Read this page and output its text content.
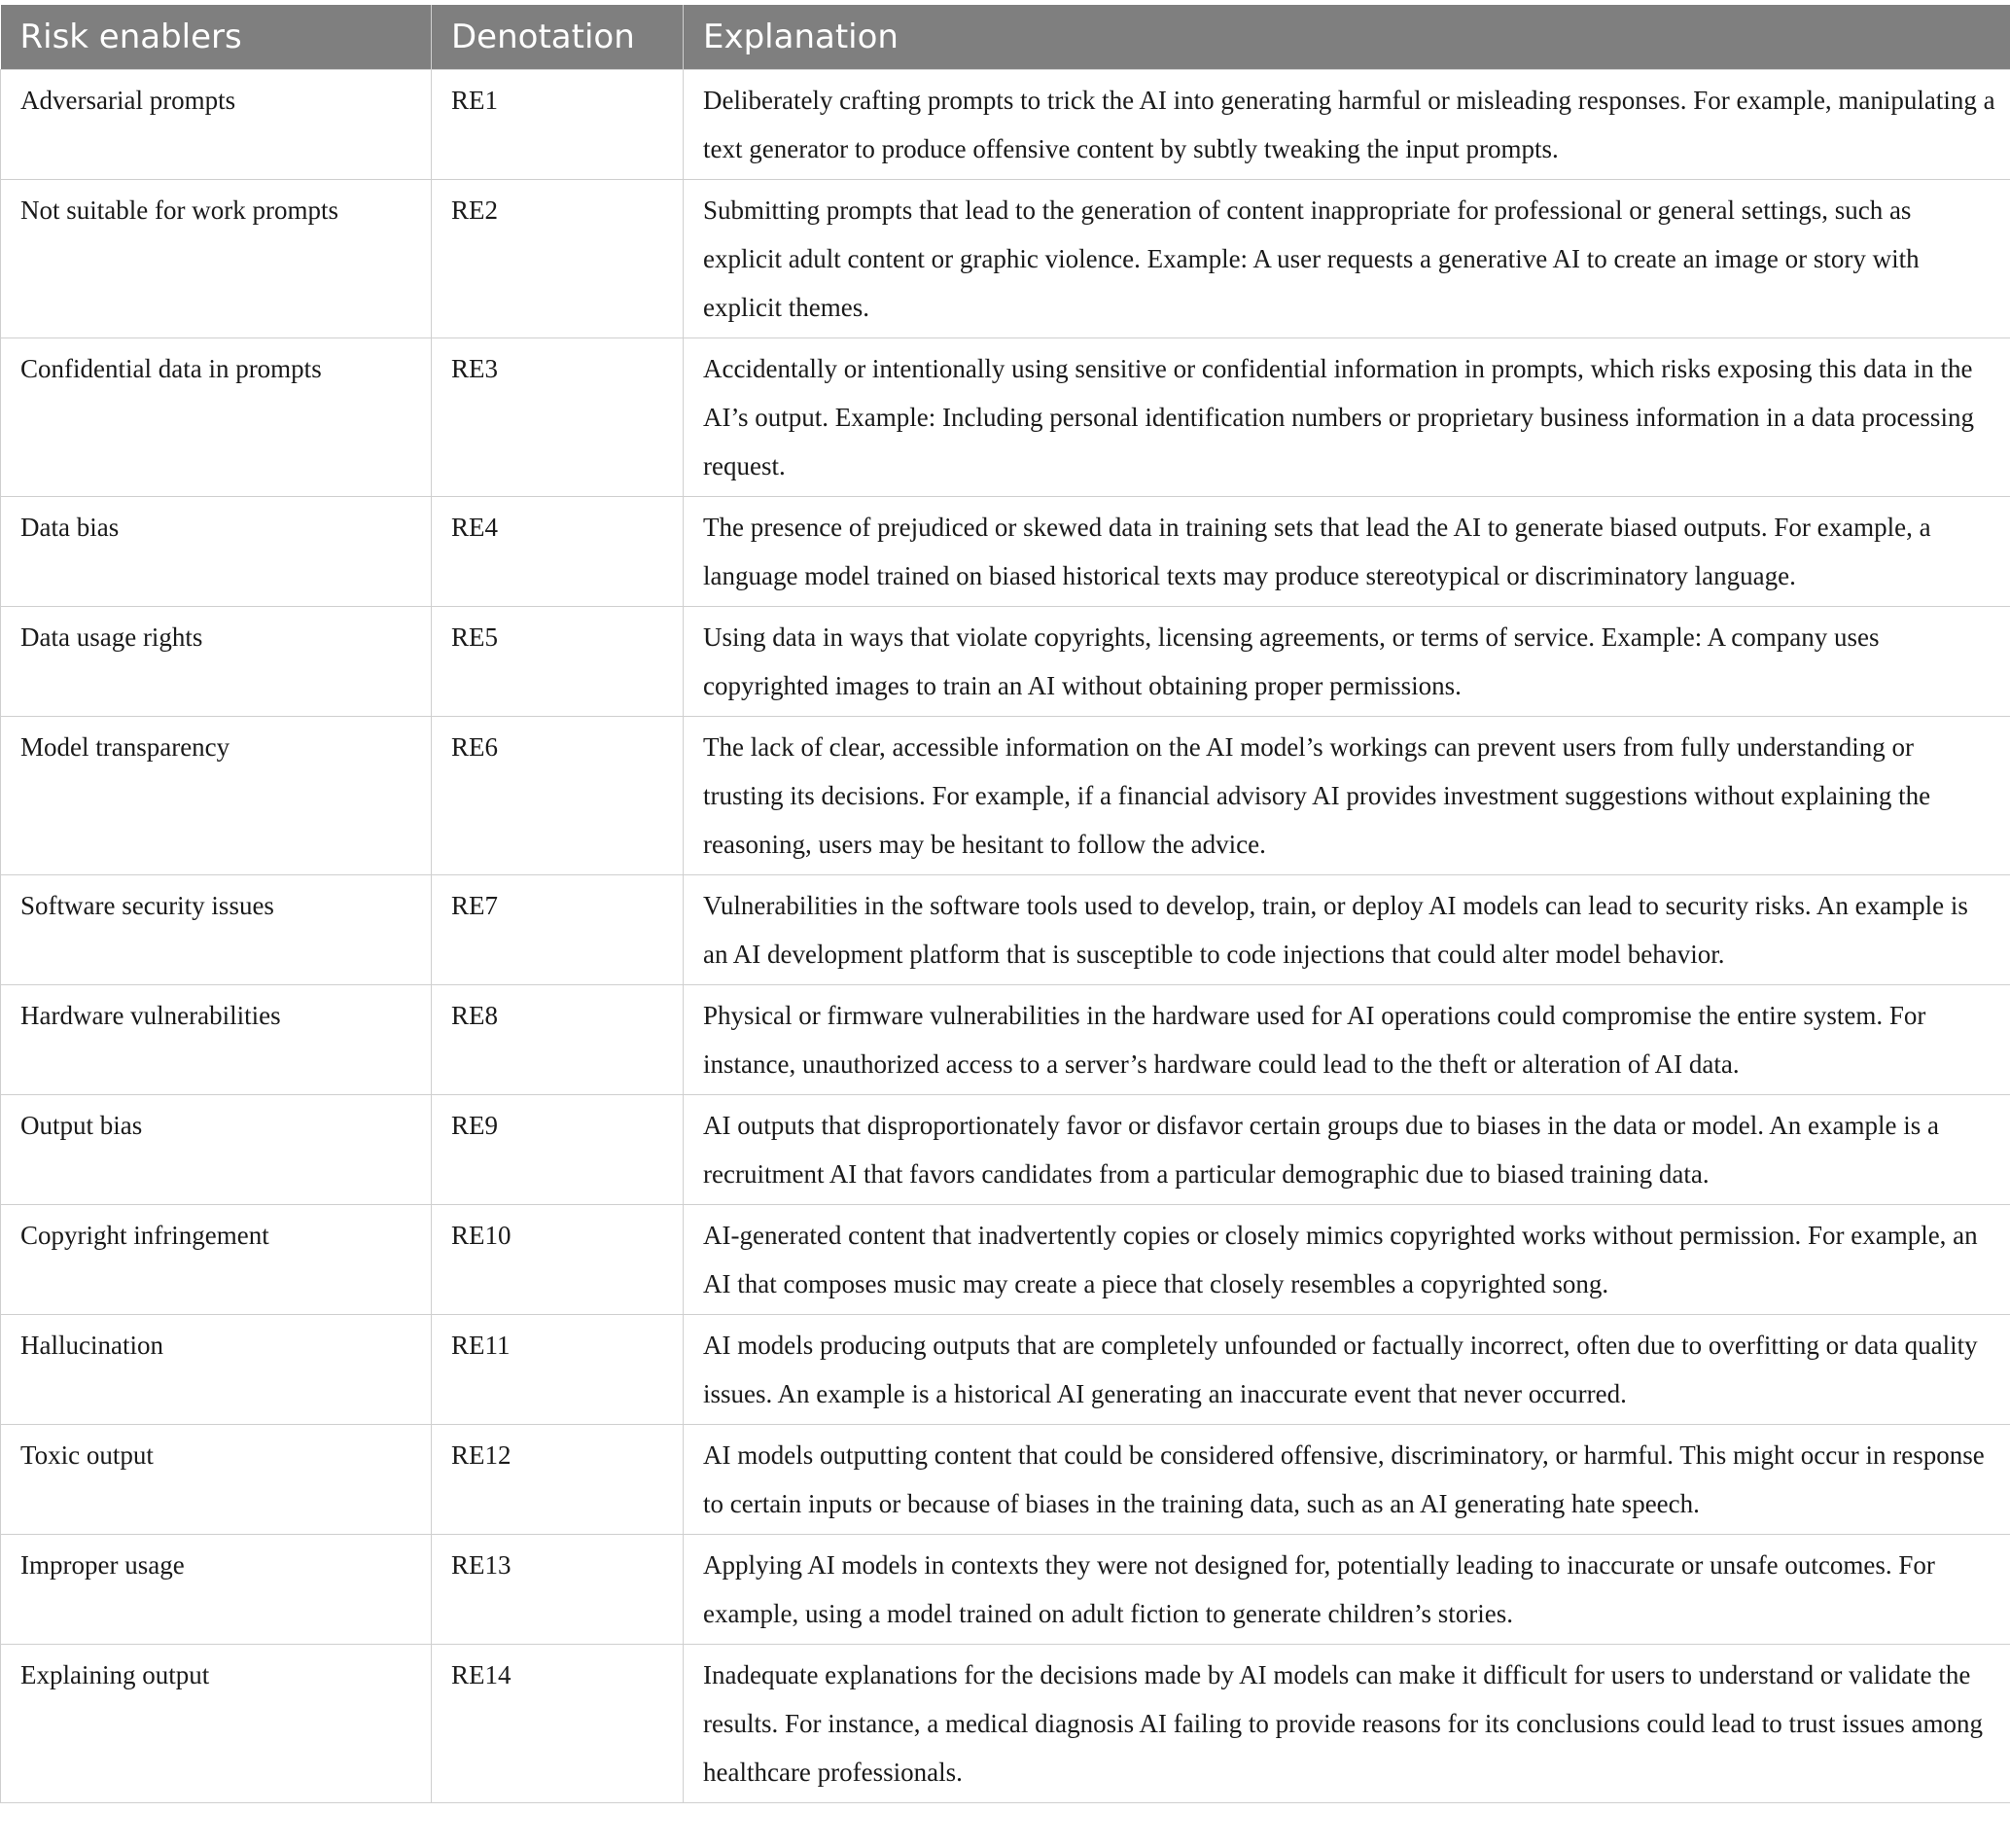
Risk enablers	Denotation	Explanation
Adversarial prompts	RE1	Deliberately crafting prompts to trick the AI into generating harmful or misleading responses. For example, manipulating a text generator to produce offensive content by subtly tweaking the input prompts.
Not suitable for work prompts	RE2	Submitting prompts that lead to the generation of content inappropriate for professional or general settings, such as explicit adult content or graphic violence. Example: A user requests a generative AI to create an image or story with explicit themes.
Confidential data in prompts	RE3	Accidentally or intentionally using sensitive or confidential information in prompts, which risks exposing this data in the AI’s output. Example: Including personal identification numbers or proprietary business information in a data processing request.
Data bias	RE4	The presence of prejudiced or skewed data in training sets that lead the AI to generate biased outputs. For example, a language model trained on biased historical texts may produce stereotypical or discriminatory language.
Data usage rights	RE5	Using data in ways that violate copyrights, licensing agreements, or terms of service. Example: A company uses copyrighted images to train an AI without obtaining proper permissions.
Model transparency	RE6	The lack of clear, accessible information on the AI model’s workings can prevent users from fully understanding or trusting its decisions. For example, if a financial advisory AI provides investment suggestions without explaining the reasoning, users may be hesitant to follow the advice.
Software security issues	RE7	Vulnerabilities in the software tools used to develop, train, or deploy AI models can lead to security risks. An example is an AI development platform that is susceptible to code injections that could alter model behavior.
Hardware vulnerabilities	RE8	Physical or firmware vulnerabilities in the hardware used for AI operations could compromise the entire system. For instance, unauthorized access to a server’s hardware could lead to the theft or alteration of AI data.
Output bias	RE9	AI outputs that disproportionately favor or disfavor certain groups due to biases in the data or model. An example is a recruitment AI that favors candidates from a particular demographic due to biased training data.
Copyright infringement	RE10	AI-generated content that inadvertently copies or closely mimics copyrighted works without permission. For example, an AI that composes music may create a piece that closely resembles a copyrighted song.
Hallucination	RE11	AI models producing outputs that are completely unfounded or factually incorrect, often due to overfitting or data quality issues. An example is a historical AI generating an inaccurate event that never occurred.
Toxic output	RE12	AI models outputting content that could be considered offensive, discriminatory, or harmful. This might occur in response to certain inputs or because of biases in the training data, such as an AI generating hate speech.
Improper usage	RE13	Applying AI models in contexts they were not designed for, potentially leading to inaccurate or unsafe outcomes. For example, using a model trained on adult fiction to generate children’s stories.
Explaining output	RE14	Inadequate explanations for the decisions made by AI models can make it difficult for users to understand or validate the results. For instance, a medical diagnosis AI failing to provide reasons for its conclusions could lead to trust issues among healthcare professionals.
